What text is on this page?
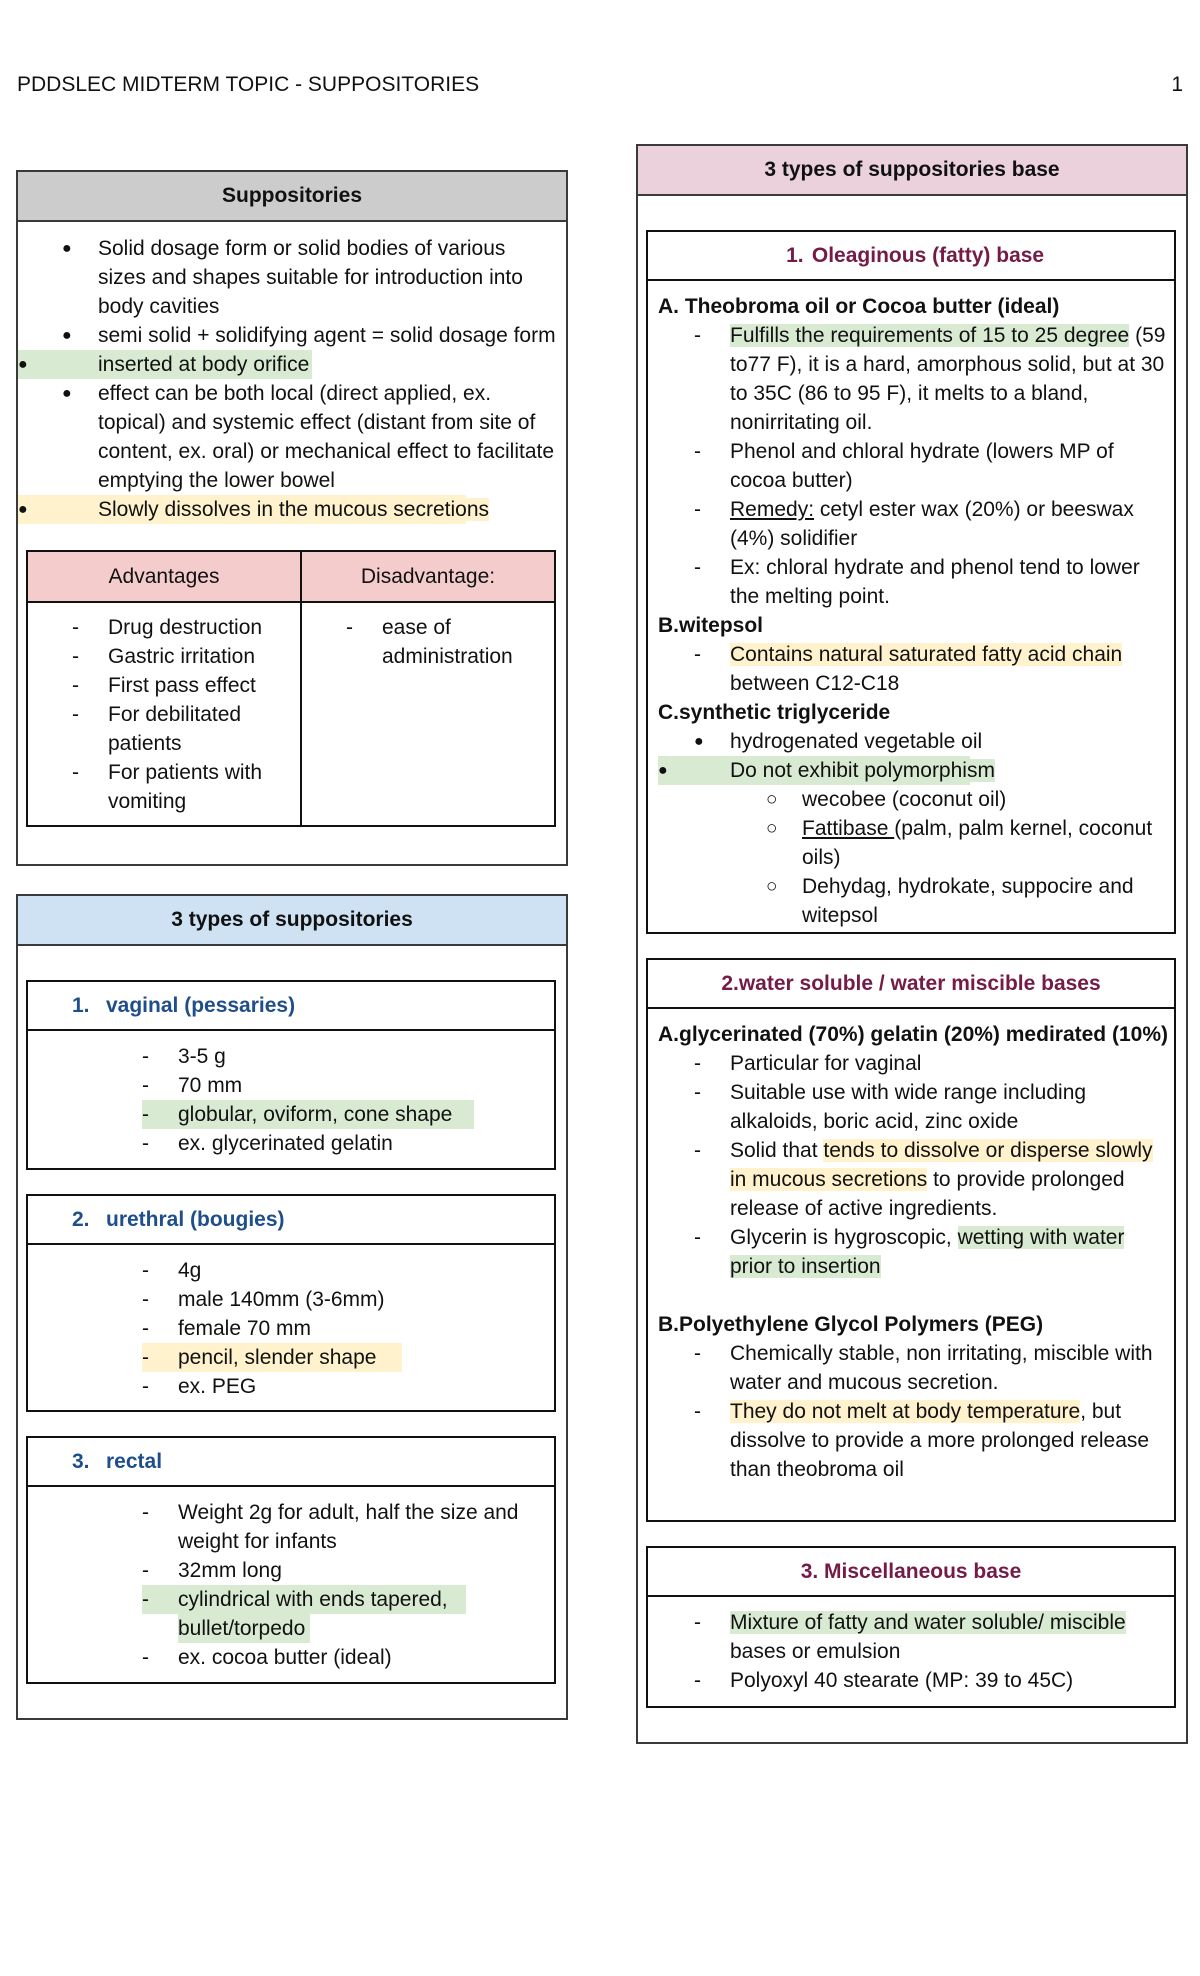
PDDSLEC MIDTERM TOPIC - SUPPOSITORIES	1
Suppositories
● Solid dosage form or solid bodies of various sizes and shapes suitable for introduction into body cavities
● semi solid + solidifying agent = solid dosage form
● ●	inserted at body orifice
● effect can be both local (direct applied, ex. topical) and systemic effect (distant from site of content, ex. oral) or mechanical effect to facilitate emptying the lower bowel
● ●	Slowly dissolves in the mucous secretions
Advantages	Disadvantage:

- Drug destruction
- Gastric irritation
- First pass effect
- For debilitated patients
- For patients with vomiting	- ease of administration
3 types of suppositories
1. vaginal (pessaries)
- 3-5 g
- 70 mm
- - globular, oviform, cone shape
- ex. glycerinated gelatin
2. urethral (bougies)
- 4g
- male 140mm (3-6mm)
- female 70 mm
- - pencil, slender shape
- ex. PEG
3. rectal
- Weight 2g for adult, half the size and weight for infants
- 32mm long
- - cylindrical with ends tapered, bullet/torpedo
- ex. cocoa butter (ideal)
3 types of suppositories base
1. Oleaginous (fatty) base
A. Theobroma oil or Cocoa butter (ideal)
- Fulfills the requirements of 15 to 25 degree (59 to77 F), it is a hard, amorphous solid, but at 30 to 35C (86 to 95 F), it melts to a bland, nonirritating oil.
- Phenol and chloral hydrate (lowers MP of cocoa butter)
- Remedy: cetyl ester wax (20%) or beeswax (4%) solidifier
- Ex: chloral hydrate and phenol tend to lower the melting point.
B.witepsol
- Contains natural saturated fatty acid chain between C12-C18
C.synthetic triglyceride
● hydrogenated vegetable oil
● ●	Do not exhibit polymorphism
○ wecobee (coconut oil)
○ Fattibase (palm, palm kernel, coconut oils)
○ Dehydag, hydrokate, suppocire and witepsol
2.water soluble / water miscible bases
A.glycerinated (70%) gelatin (20%) medirated (10%)
- Particular for vaginal
- Suitable use with wide range including alkaloids, boric acid, zinc oxide
- Solid that tends to dissolve or disperse slowly in mucous secretions to provide prolonged release of active ingredients.
- Glycerin is hygroscopic, wetting with water prior to insertion
B.Polyethylene Glycol Polymers (PEG)
- Chemically stable, non irritating, miscible with water and mucous secretion.
- They do not melt at body temperature, but dissolve to provide a more prolonged release than theobroma oil
3. Miscellaneous base
- Mixture of fatty and water soluble/ miscible bases or emulsion
- Polyoxyl 40 stearate (MP: 39 to 45C)
